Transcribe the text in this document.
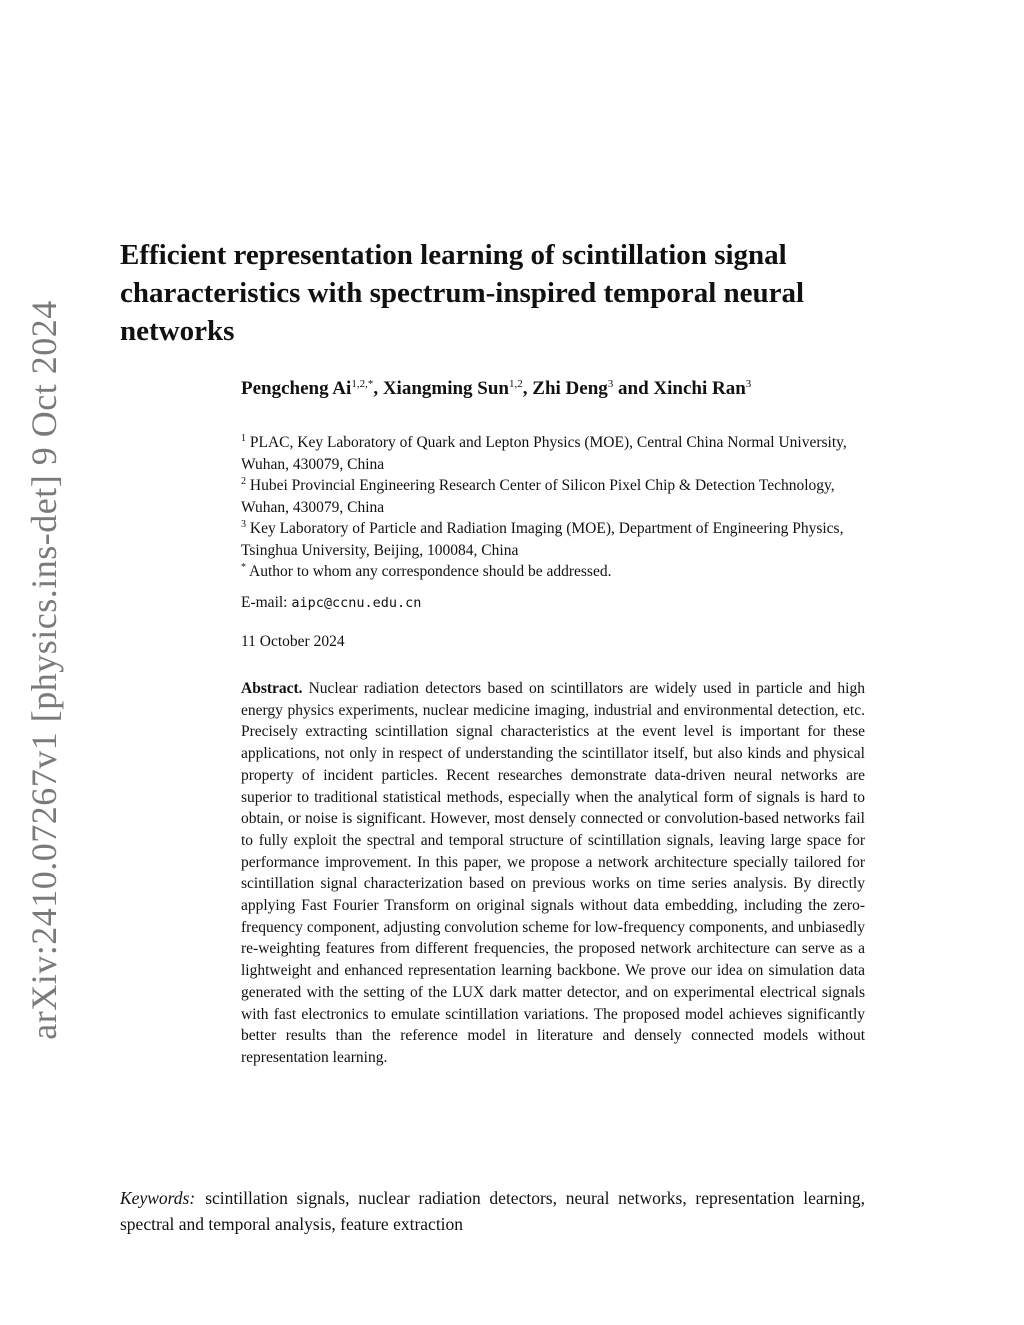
arXiv:2410.07267v1 [physics.ins-det] 9 Oct 2024
Efficient representation learning of scintillation signal characteristics with spectrum-inspired temporal neural networks
Pengcheng $Ai^{1,2,*}$, Xiangming Sun$^{1,2}$, Zhi Deng$^3$ and Xinchi Ran$^3$
$^1$ PLAC, Key Laboratory of Quark and Lepton Physics (MOE), Central China Normal University, Wuhan, 430079, China
$^2$ Hubei Provincial Engineering Research Center of Silicon Pixel Chip & Detection Technology, Wuhan, 430079, China
$^3$ Key Laboratory of Particle and Radiation Imaging (MOE), Department of Engineering Physics, Tsinghua University, Beijing, 100084, China
* Author to whom any correspondence should be addressed.
E-mail: aipc@ccnu.edu.cn
11 October 2024

Abstract. Nuclear radiation detectors based on scintillators are widely used in particle and high energy physics experiments, nuclear medicine imaging, industrial and environmental detection, etc. Precisely extracting scintillation signal characteristics at the event level is important for these applications, not only in respect of understanding the scintillator itself, but also kinds and physical property of incident particles. Recent researches demonstrate data-driven neural networks are superior to traditional statistical methods, especially when the analytical form of signals is hard to obtain, or noise is significant. However, most densely connected or convolution-based networks fail to fully exploit the spectral and temporal structure of scintillation signals, leaving large space for performance improvement. In this paper, we propose a network architecture specially tailored for scintillation signal characterization based on previous works on time series analysis. By directly applying Fast Fourier Transform on original signals without data embedding, including the zero-frequency component, adjusting convolution scheme for low-frequency components, and unbiasedly re-weighting features from different frequencies, the proposed network architecture can serve as a lightweight and enhanced representation learning backbone. We prove our idea on simulation data generated with the setting of the LUX dark matter detector, and on experimental electrical signals with fast electronics to emulate scintillation variations. The proposed model achieves significantly better results than the reference model in literature and densely connected models without representation learning.

Keywords: scintillation signals, nuclear radiation detectors, neural networks, representation learning, spectral and temporal analysis, feature extraction
